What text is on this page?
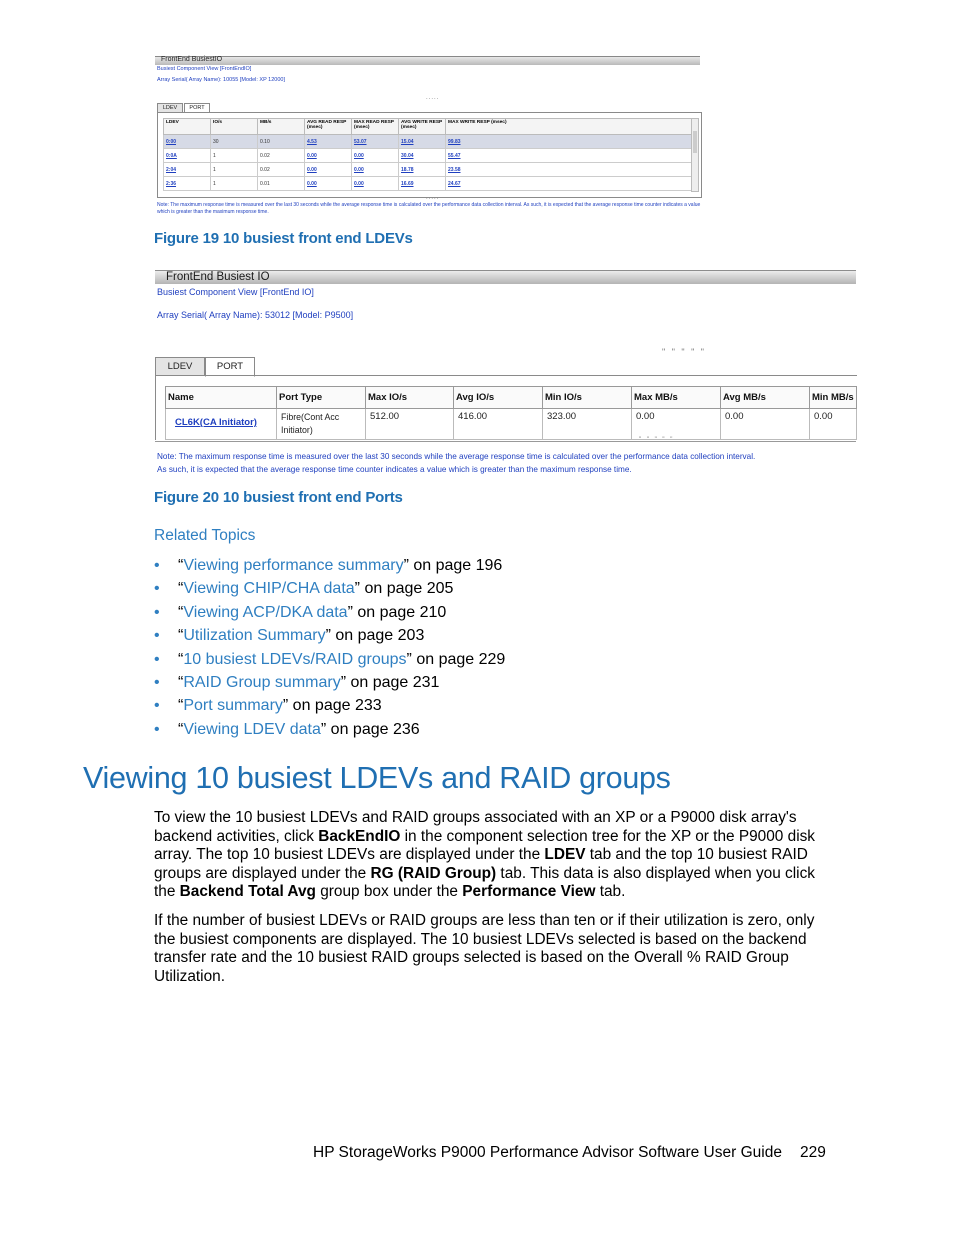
FrontEnd BusiestIO
Busiest Component View [FrontEndIO]
Array Serial( Array Name): 10055 [Model: XP 12000]
.....
LDEV	PORT
LDEV	IO/s	MB/s	AVG READ RESP (msec)	MAX READ RESP (msec)	AVG WRITE RESP (msec)	MAX WRITE RESP (msec)
0:00	30	0.10	4.53	53.07	15.04	99.83
0:0A	1	0.02	0.00	0.00	30.04	55.47
2:04	1	0.02	0.00	0.00	18.78	23.58
2:36	1	0.01	0.00	0.00	16.69	24.67
.....
Note: The maximum response time is measured over the last 30 seconds while the average response time is calculated over the performance data collection interval. As such, it is expected that the average response time counter indicates a value which is greater than the maximum response time.
Figure 19 10 busiest front end LDEVs
FrontEnd Busiest IO
Busiest Component View [FrontEnd IO]
Array Serial( Array Name): 53012 [Model: P9500]
" " " " "
LDEV	PORT
Name	Port Type	Max IO/s	Avg IO/s	Min IO/s	Max MB/s	Avg MB/s	Min MB/s
CL6K(CA Initiator)	Fibre(Cont Acc Initiator)	512.00	416.00	323.00	0.00	0.00	0.00
" " " " "
Note: The maximum response time is measured over the last 30 seconds while the average response time is calculated over the performance data collection interval.
As such, it is expected that the average response time counter indicates a value which is greater than the maximum response time.
Figure 20 10 busiest front end Ports
Related Topics
• “Viewing performance summary” on page 196
• “Viewing CHIP/CHA data” on page 205
• “Viewing ACP/DKA data” on page 210
• “Utilization Summary” on page 203
• “10 busiest LDEVs/RAID groups” on page 229
• “RAID Group summary” on page 231
• “Port summary” on page 233
• “Viewing LDEV data” on page 236
Viewing 10 busiest LDEVs and RAID groups

To view the 10 busiest LDEVs and RAID groups associated with an XP or a P9000 disk array's backend activities, click BackEndIO in the component selection tree for the XP or the P9000 disk array. The top 10 busiest LDEVs are displayed under the LDEV tab and the top 10 busiest RAID groups are displayed under the RG (RAID Group) tab. This data is also displayed when you click the Backend Total Avg group box under the Performance View tab.

If the number of busiest LDEVs or RAID groups are less than ten or if their utilization is zero, only the busiest components are displayed. The 10 busiest LDEVs selected is based on the backend transfer rate and the 10 busiest RAID groups selected is based on the Overall % RAID Group Utilization.

HP StorageWorks P9000 Performance Advisor Software User Guide 229
